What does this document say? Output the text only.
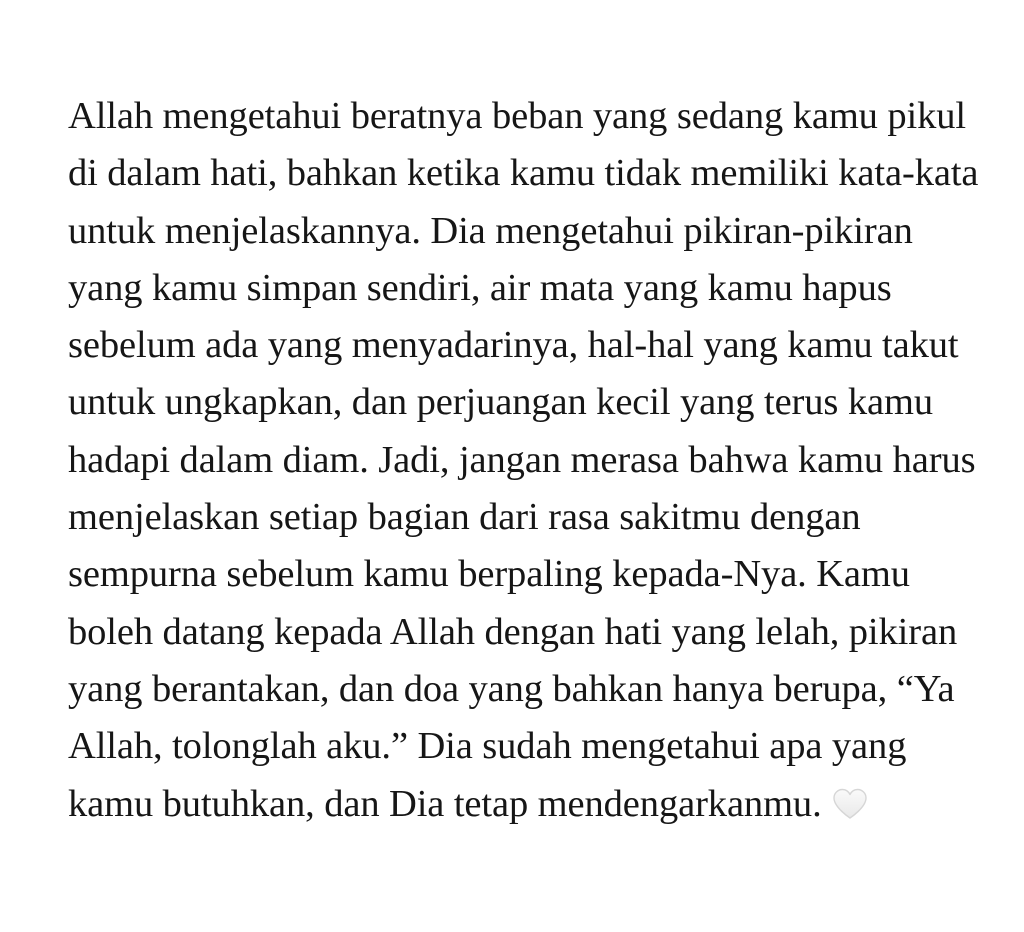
Allah mengetahui beratnya beban yang sedang kamu pikul
di dalam hati, bahkan ketika kamu tidak memiliki kata-kata
untuk menjelaskannya. Dia mengetahui pikiran-pikiran
yang kamu simpan sendiri, air mata yang kamu hapus
sebelum ada yang menyadarinya, hal-hal yang kamu takut
untuk ungkapkan, dan perjuangan kecil yang terus kamu
hadapi dalam diam. Jadi, jangan merasa bahwa kamu harus
menjelaskan setiap bagian dari rasa sakitmu dengan
sempurna sebelum kamu berpaling kepada-Nya. Kamu
boleh datang kepada Allah dengan hati yang lelah, pikiran
yang berantakan, dan doa yang bahkan hanya berupa, “Ya
Allah, tolonglah aku.” Dia sudah mengetahui apa yang
kamu butuhkan, dan Dia tetap mendengarkanmu.
